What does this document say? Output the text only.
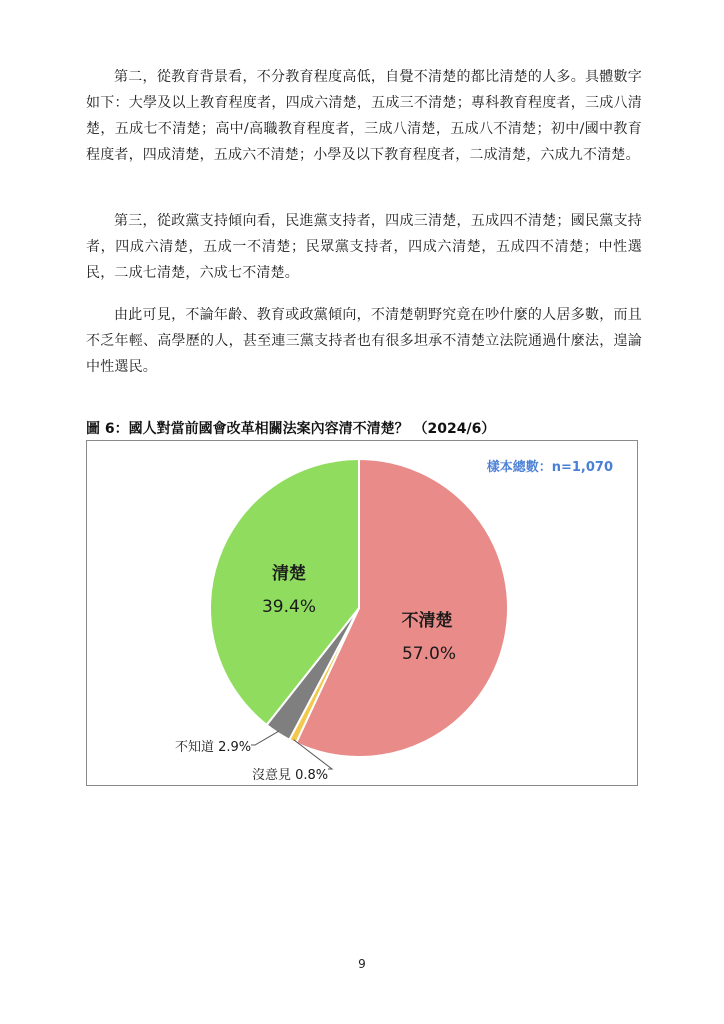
第二，從教育背景看，不分教育程度高低，自覺不清楚的都比清楚的人多。具體數字如下：大學及以上教育程度者，四成六清楚，五成三不清楚；專科教育程度者，三成八清楚，五成七不清楚；高中/高職教育程度者，三成八清楚，五成八不清楚；初中/國中教育程度者，四成清楚，五成六不清楚；小學及以下教育程度者，二成清楚，六成九不清楚。

第三，從政黨支持傾向看，民進黨支持者，四成三清楚，五成四不清楚；國民黨支持者，四成六清楚，五成一不清楚；民眾黨支持者，四成六清楚，五成四不清楚；中性選民，二成七清楚，六成七不清楚。

由此可見，不論年齡、教育或政黨傾向，不清楚朝野究竟在吵什麼的人居多數，而且不乏年輕、高學歷的人，甚至連三黨支持者也有很多坦承不清楚立法院通過什麼法，遑論中性選民。

圖 6：國人對當前國會改革相關法案內容清不清楚？ （2024/6）
不清楚
57.0%
沒意見 0.8%
不知道 2.9%
清楚
39.4%
樣本總數：n=1,070
9
